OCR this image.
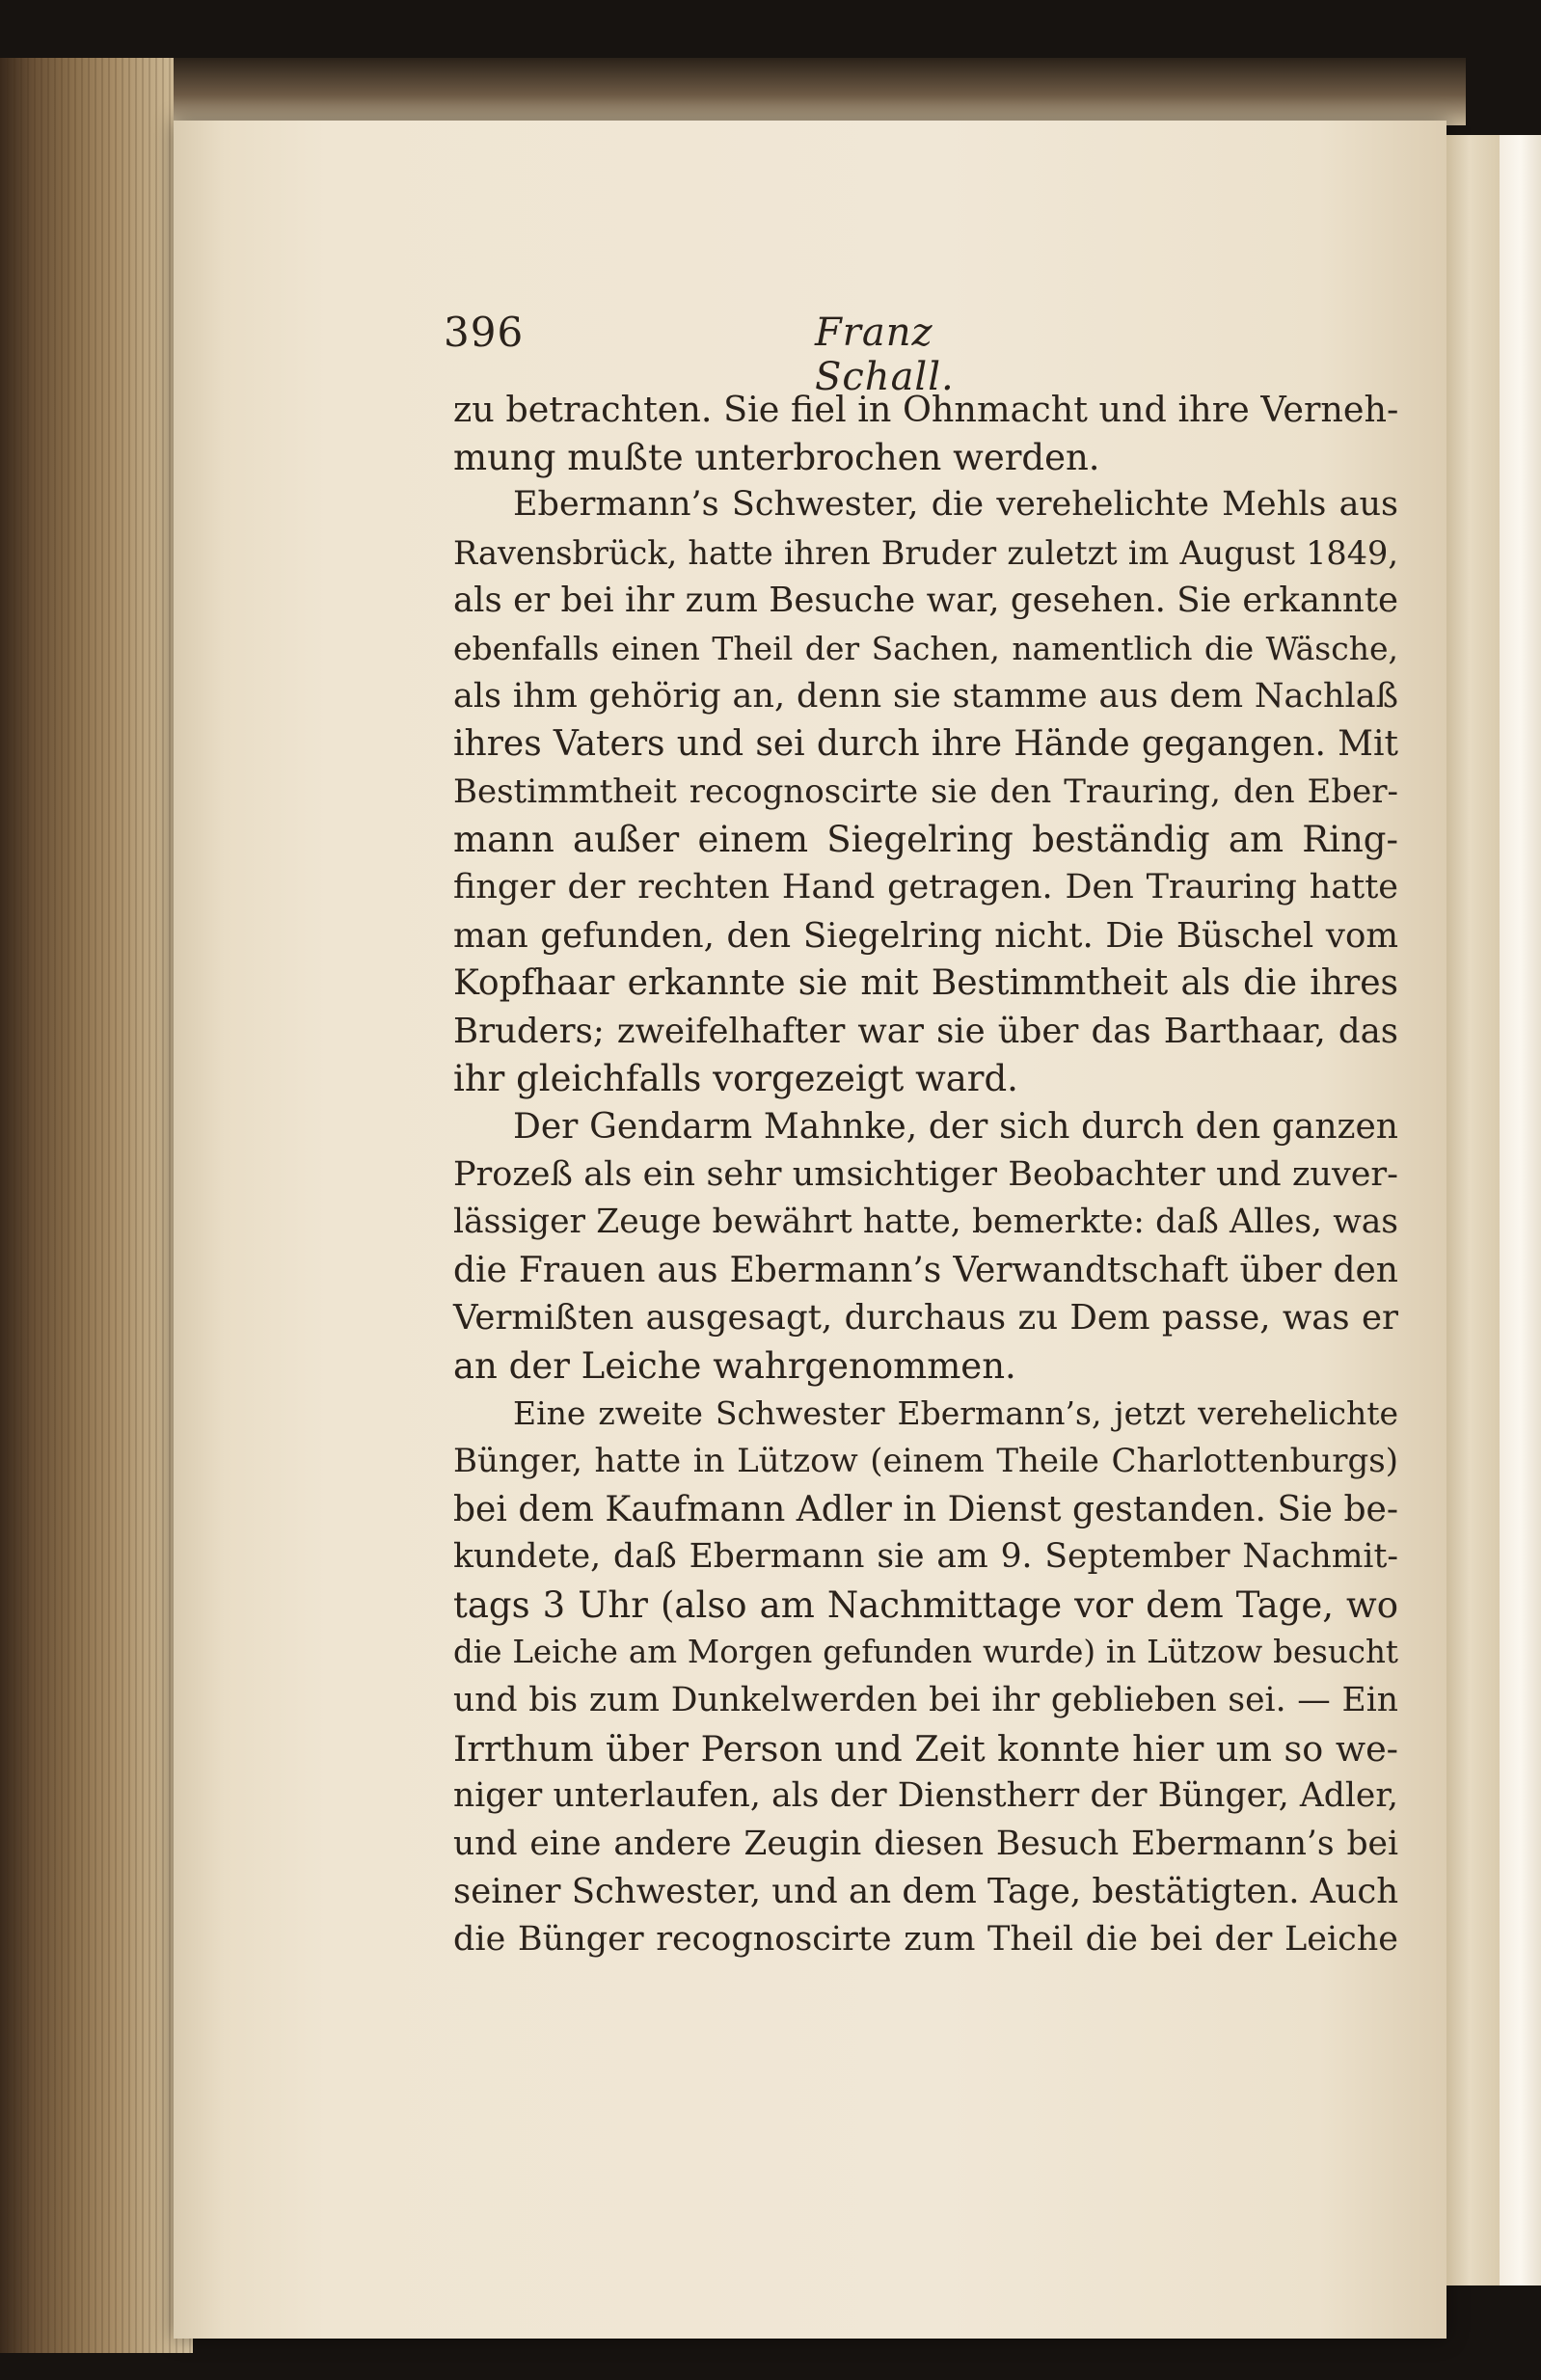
396	Franz Schall.
zu betrachten. Sie fiel in Ohnmacht und ihre Verneh-
mung mußte unterbrochen werden.
Ebermann’s Schwester, die verehelichte Mehls aus
Ravensbrück, hatte ihren Bruder zuletzt im August 1849,
als er bei ihr zum Besuche war, gesehen. Sie erkannte
ebenfalls einen Theil der Sachen, namentlich die Wäsche,
als ihm gehörig an, denn sie stamme aus dem Nachlaß
ihres Vaters und sei durch ihre Hände gegangen. Mit
Bestimmtheit recognoscirte sie den Trauring, den Eber-
mann außer einem Siegelring beständig am Ring-
finger der rechten Hand getragen. Den Trauring hatte
man gefunden, den Siegelring nicht. Die Büschel vom
Kopfhaar erkannte sie mit Bestimmtheit als die ihres
Bruders; zweifelhafter war sie über das Barthaar, das
ihr gleichfalls vorgezeigt ward.
Der Gendarm Mahnke, der sich durch den ganzen
Prozeß als ein sehr umsichtiger Beobachter und zuver-
lässiger Zeuge bewährt hatte, bemerkte: daß Alles, was
die Frauen aus Ebermann’s Verwandtschaft über den
Vermißten ausgesagt, durchaus zu Dem passe, was er
an der Leiche wahrgenommen.
Eine zweite Schwester Ebermann’s, jetzt verehelichte
Bünger, hatte in Lützow (einem Theile Charlottenburgs)
bei dem Kaufmann Adler in Dienst gestanden. Sie be-
kundete, daß Ebermann sie am 9. September Nachmit-
tags 3 Uhr (also am Nachmittage vor dem Tage, wo
die Leiche am Morgen gefunden wurde) in Lützow besucht
und bis zum Dunkelwerden bei ihr geblieben sei. — Ein
Irrthum über Person und Zeit konnte hier um so we-
niger unterlaufen, als der Dienstherr der Bünger, Adler,
und eine andere Zeugin diesen Besuch Ebermann’s bei
seiner Schwester, und an dem Tage, bestätigten. Auch
die Bünger recognoscirte zum Theil die bei der Leiche
